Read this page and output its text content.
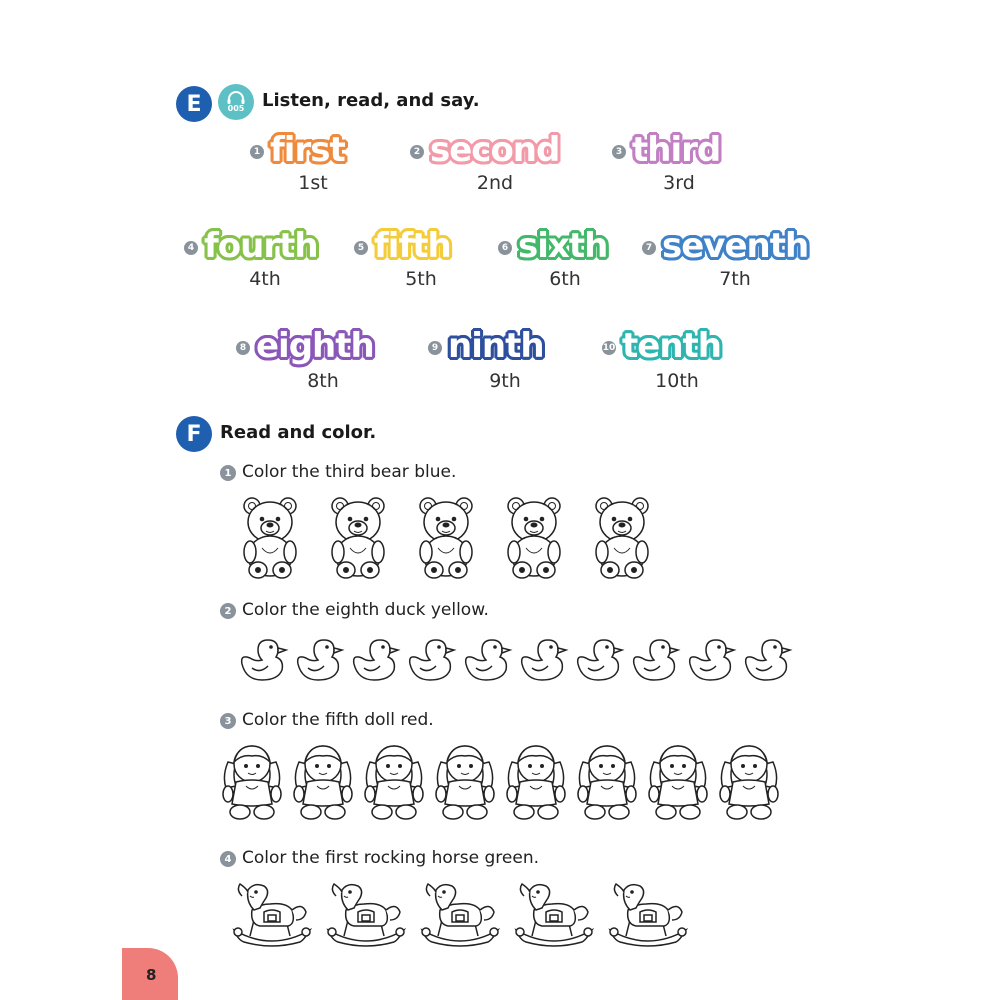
E	005 Listen, read, and say.
1 first
1st
2 second
2nd
3 third
3rd
4 fourth
4th
5 fifth
5th
6 sixth
6th
7 seventh
7th
8 eighth
8th
9 ninth
9th
10 tenth
10th
F	Read and color.
1 Color the third bear blue.
2 Color the eighth duck yellow.
3 Color the fifth doll red.
4 Color the first rocking horse green.
8
